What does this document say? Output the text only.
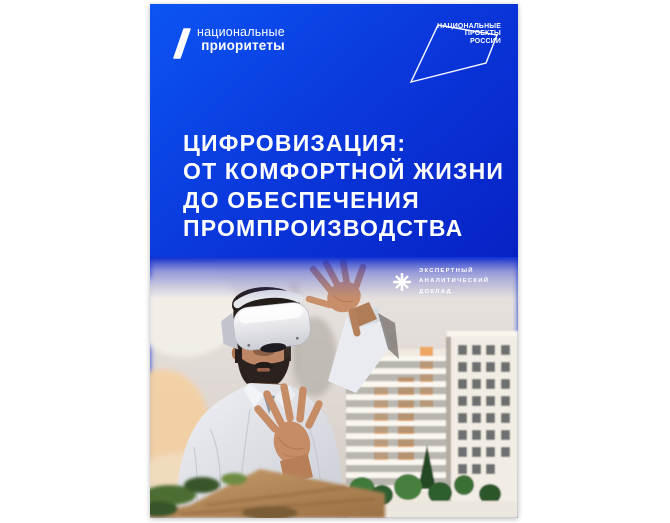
национальные
приоритеты
НАЦИОНАЛЬНЫЕ
ПРОЕКТЫ
РОССИИ
ЦИФРОВИЗАЦИЯ:
ОТ КОМФОРТНОЙ ЖИЗНИ
ДО ОБЕСПЕЧЕНИЯ
ПРОМПРОИЗВОДСТВА
ЭКСПЕРТНЫЙ
АНАЛИТИЧЕСКИЙ
ДОКЛАД
